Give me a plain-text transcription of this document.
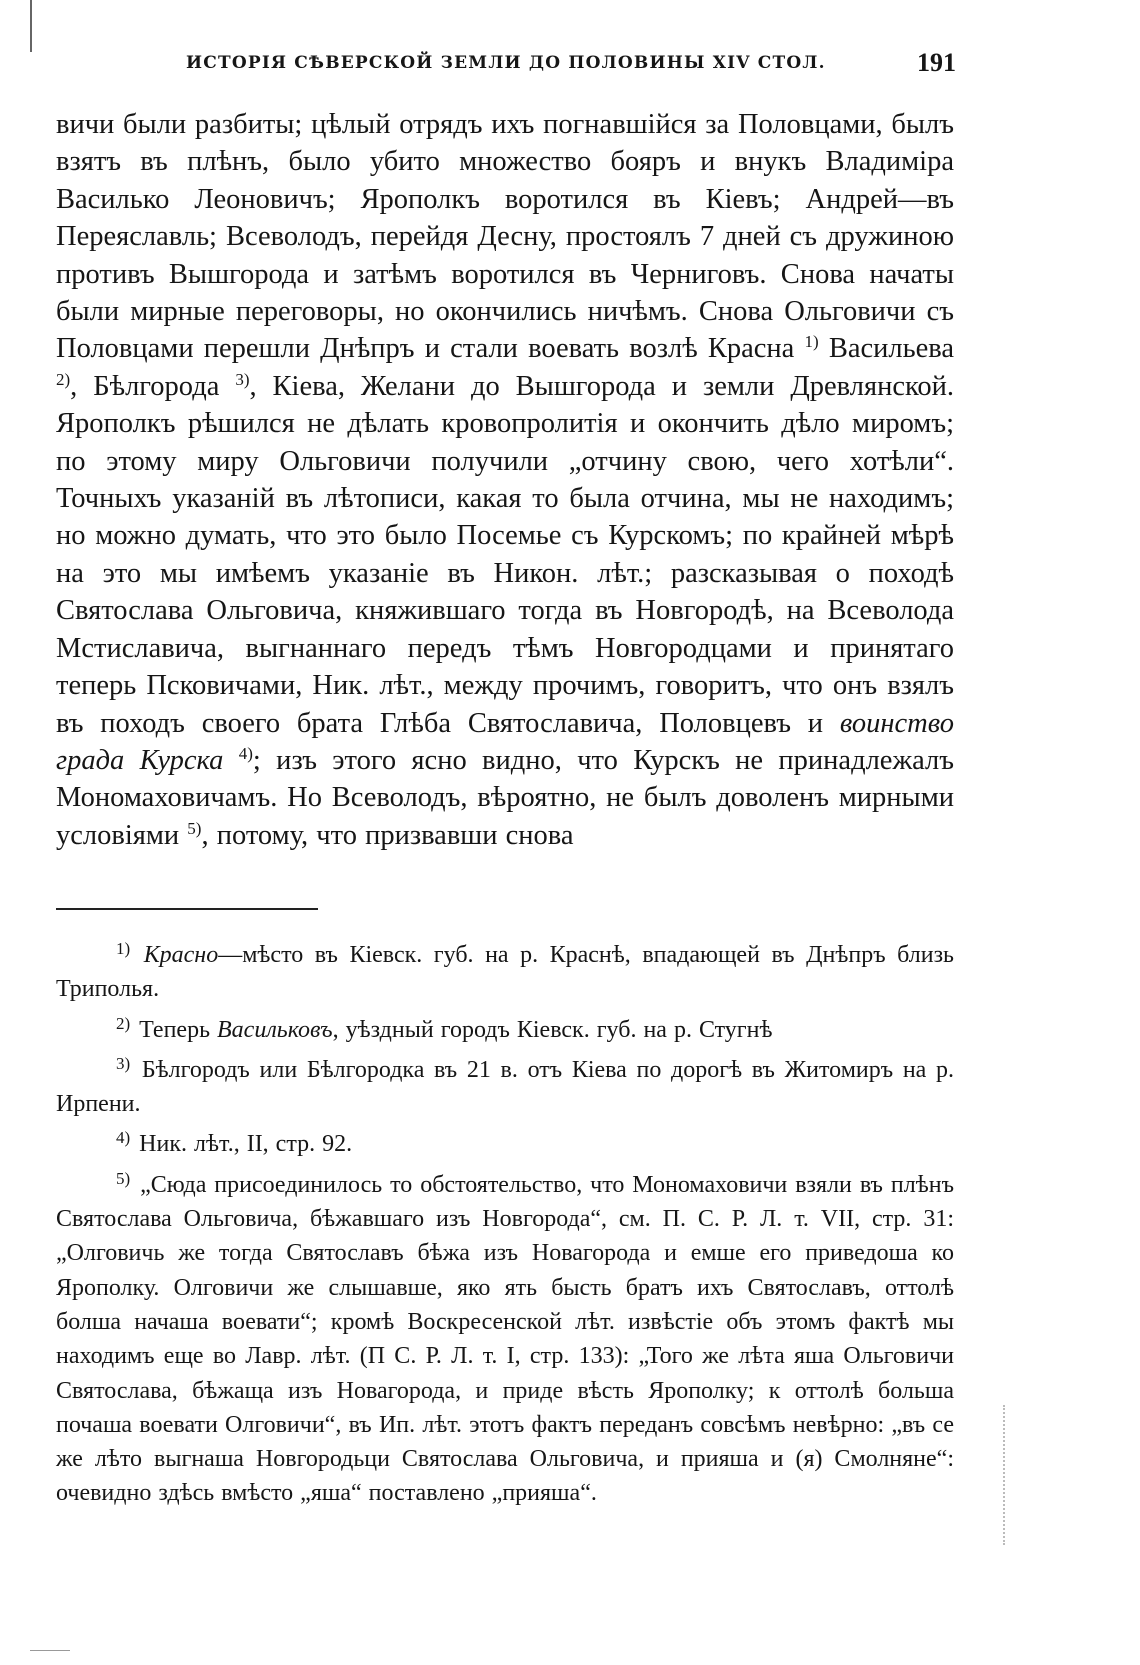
ИСТОРІЯ СѢВЕРСКОЙ ЗЕМЛИ ДО ПОЛОВИНЫ XIV СТОЛ.	191
вичи были разбиты; цѣлый отрядъ ихъ погнавшійся за Половцами, былъ взятъ въ плѣнъ, было убито множество бояръ и внукъ Владиміра Василько Леоновичъ; Ярополкъ воротился въ Кіевъ; Андрей—въ Переяславль; Всеволодъ, перейдя Десну, простоялъ 7 дней съ дружиною противъ Вышгорода и затѣмъ воротился въ Черниговъ. Снова начаты были мирные переговоры, но окончились ничѣмъ. Снова Ольговичи съ Половцами перешли Днѣпръ и стали воевать возлѣ Красна $^{1)}$ Васильева $^{2)}$, Бѣлгорода $^{3)}$, Кіева, Желани до Вышгорода и земли Древлянской. Ярополкъ рѣшился не дѣлать кровопролитія и окончить дѣло миромъ; по этому миру Ольговичи получили „отчину свою, чего хотѣли“. Точныхъ указаній въ лѣтописи, какая то была отчина, мы не находимъ; но можно думать, что это было Посемье съ Курскомъ; по крайней мѣрѣ на это мы имѣемъ указаніе въ Никон. лѣт.; разсказывая о походѣ Святослава Ольговича, княжившаго тогда въ Новгородѣ, на Всеволода Мстиславича, выгнаннаго передъ тѣмъ Новгородцами и принятаго теперь Псковичами, Ник. лѣт., между прочимъ, говоритъ, что онъ взялъ въ походъ своего брата Глѣба Святославича, Половцевъ и воинство града Курска $^{4)}$; изъ этого ясно видно, что Курскъ не принадлежалъ Мономаховичамъ. Но Всеволодъ, вѣроятно, не былъ доволенъ мирными условіями $^{5)}$, потому, что призвавши снова

$^{1)}$ Красно—мѣсто въ Кіевск. губ. на р. Краснѣ, впадающей въ Днѣпръ близь Триполья.

$^{2)}$ Теперь Васильковъ, уѣздный городъ Кіевск. губ. на р. Стугнѣ

$^{3)}$ Бѣлгородъ или Бѣлгородка въ 21 в. отъ Кіева по дорогѣ въ Житомиръ на р. Ирпени.

$^{4)}$ Ник. лѣт., II, стр. 92.

$^{5)}$ „Сюда присоединилось то обстоятельство, что Мономаховичи взяли въ плѣнъ Святослава Ольговича, бѣжавшаго изъ Новгорода“, см. П. С. Р. Л. т. VII, стр. 31: „Олговичь же тогда Святославъ бѣжа изъ Новагорода и емше его приведоша ко Ярополку. Олговичи же слышавше, яко ять бысть братъ ихъ Святославъ, оттолѣ болша начаша воевати“; кромѣ Воскресенской лѣт. извѣстіе объ этомъ фактѣ мы находимъ еще во Лавр. лѣт. (П С. Р. Л. т. I, стр. 133): „Того же лѣта яша Ольговичи Святослава, бѣжаща изъ Новагорода, и приде вѣсть Ярополку; к оттолѣ больша почаша воевати Олговичи“, въ Ип. лѣт. этотъ фактъ переданъ совсѣмъ невѣрно: „въ се же лѣто выгнаша Новгородьци Святослава Ольговича, и прияша и (я) Смолняне“: очевидно здѣсь вмѣсто „яша“ поставлено „прияша“.
